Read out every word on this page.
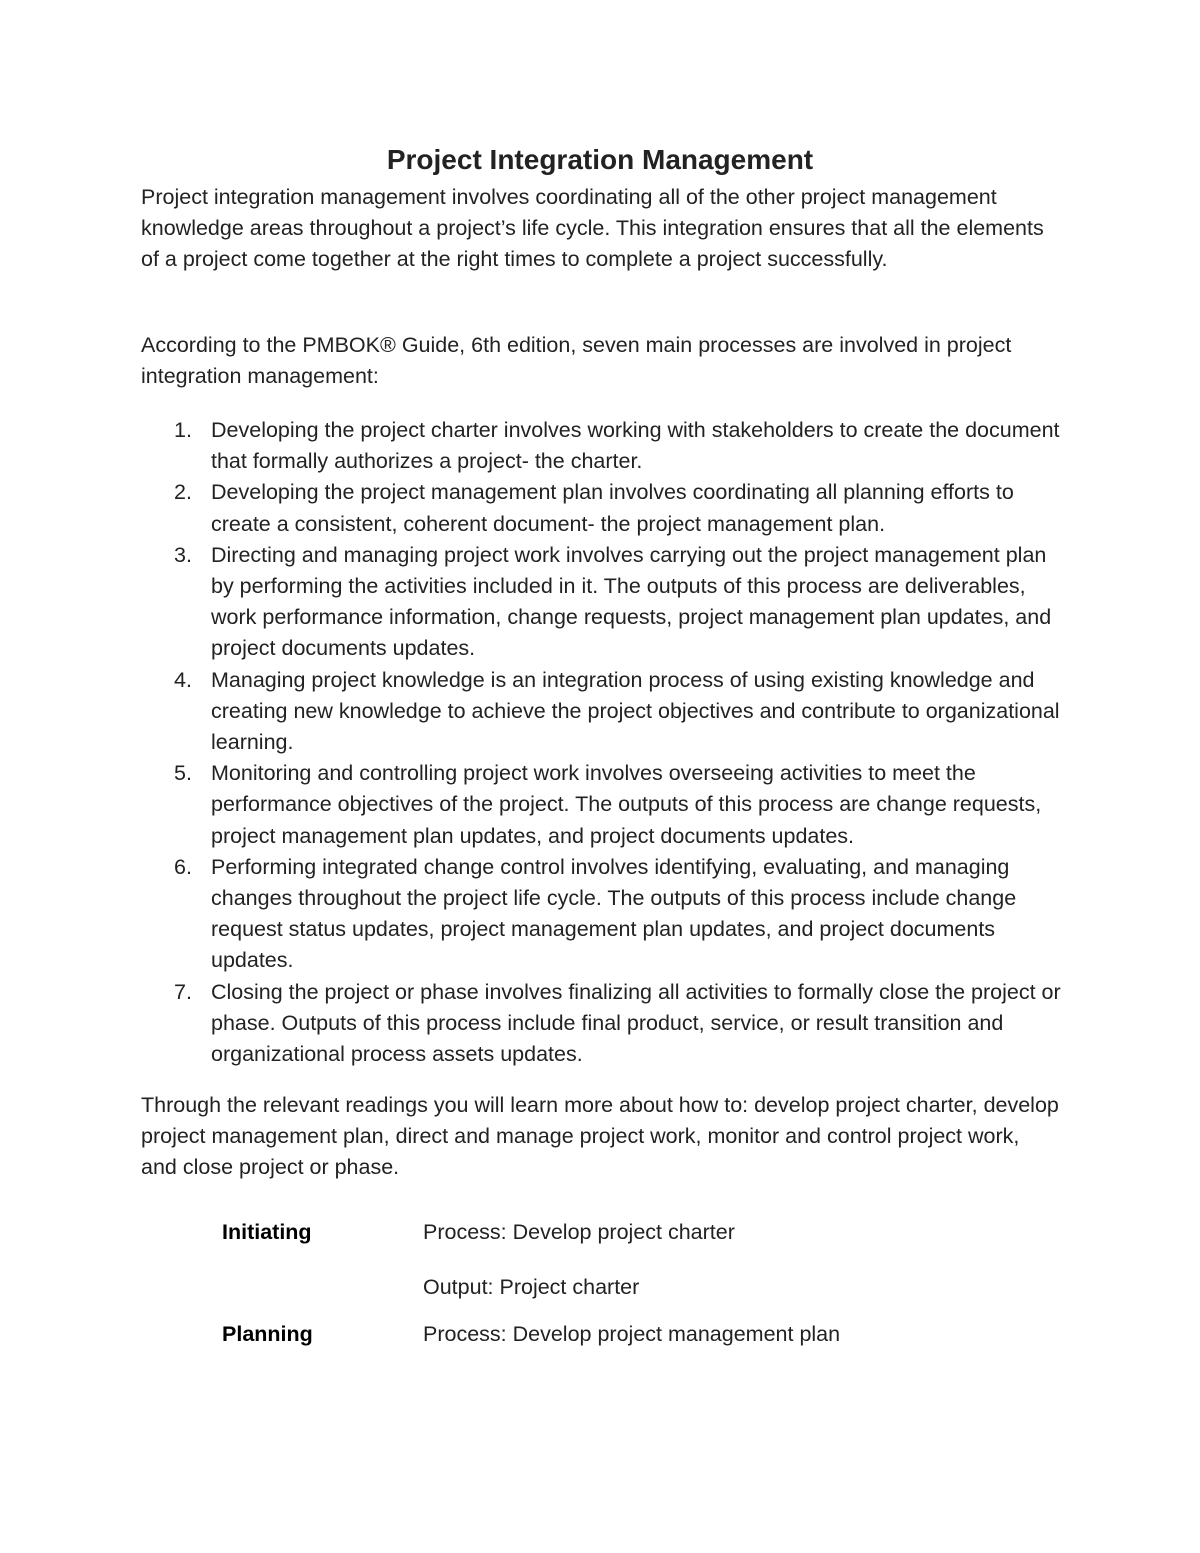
Project Integration Management

Project integration management involves coordinating all of the other project management knowledge areas throughout a project’s life cycle. This integration ensures that all the elements of a project come together at the right times to complete a project successfully.

According to the PMBOK® Guide, 6th edition, seven main processes are involved in project integration management:

1. Developing the project charter involves working with stakeholders to create the document that formally authorizes a project- the charter.
2. Developing the project management plan involves coordinating all planning efforts to create a consistent, coherent document- the project management plan.
3. Directing and managing project work involves carrying out the project management plan by performing the activities included in it. The outputs of this process are deliverables, work performance information, change requests, project management plan updates, and project documents updates.
4. Managing project knowledge is an integration process of using existing knowledge and creating new knowledge to achieve the project objectives and contribute to organizational learning.
5. Monitoring and controlling project work involves overseeing activities to meet the performance objectives of the project. The outputs of this process are change requests, project management plan updates, and project documents updates.
6. Performing integrated change control involves identifying, evaluating, and managing changes throughout the project life cycle. The outputs of this process include change request status updates, project management plan updates, and project documents updates.
7. Closing the project or phase involves finalizing all activities to formally close the project or phase. Outputs of this process include final product, service, or result transition and organizational process assets updates.

Through the relevant readings you will learn more about how to: develop project charter, develop project management plan, direct and manage project work, monitor and control project work, and close project or phase.

Initiating	Process: Develop project charter
Output: Project charter
Planning	Process: Develop project management plan
